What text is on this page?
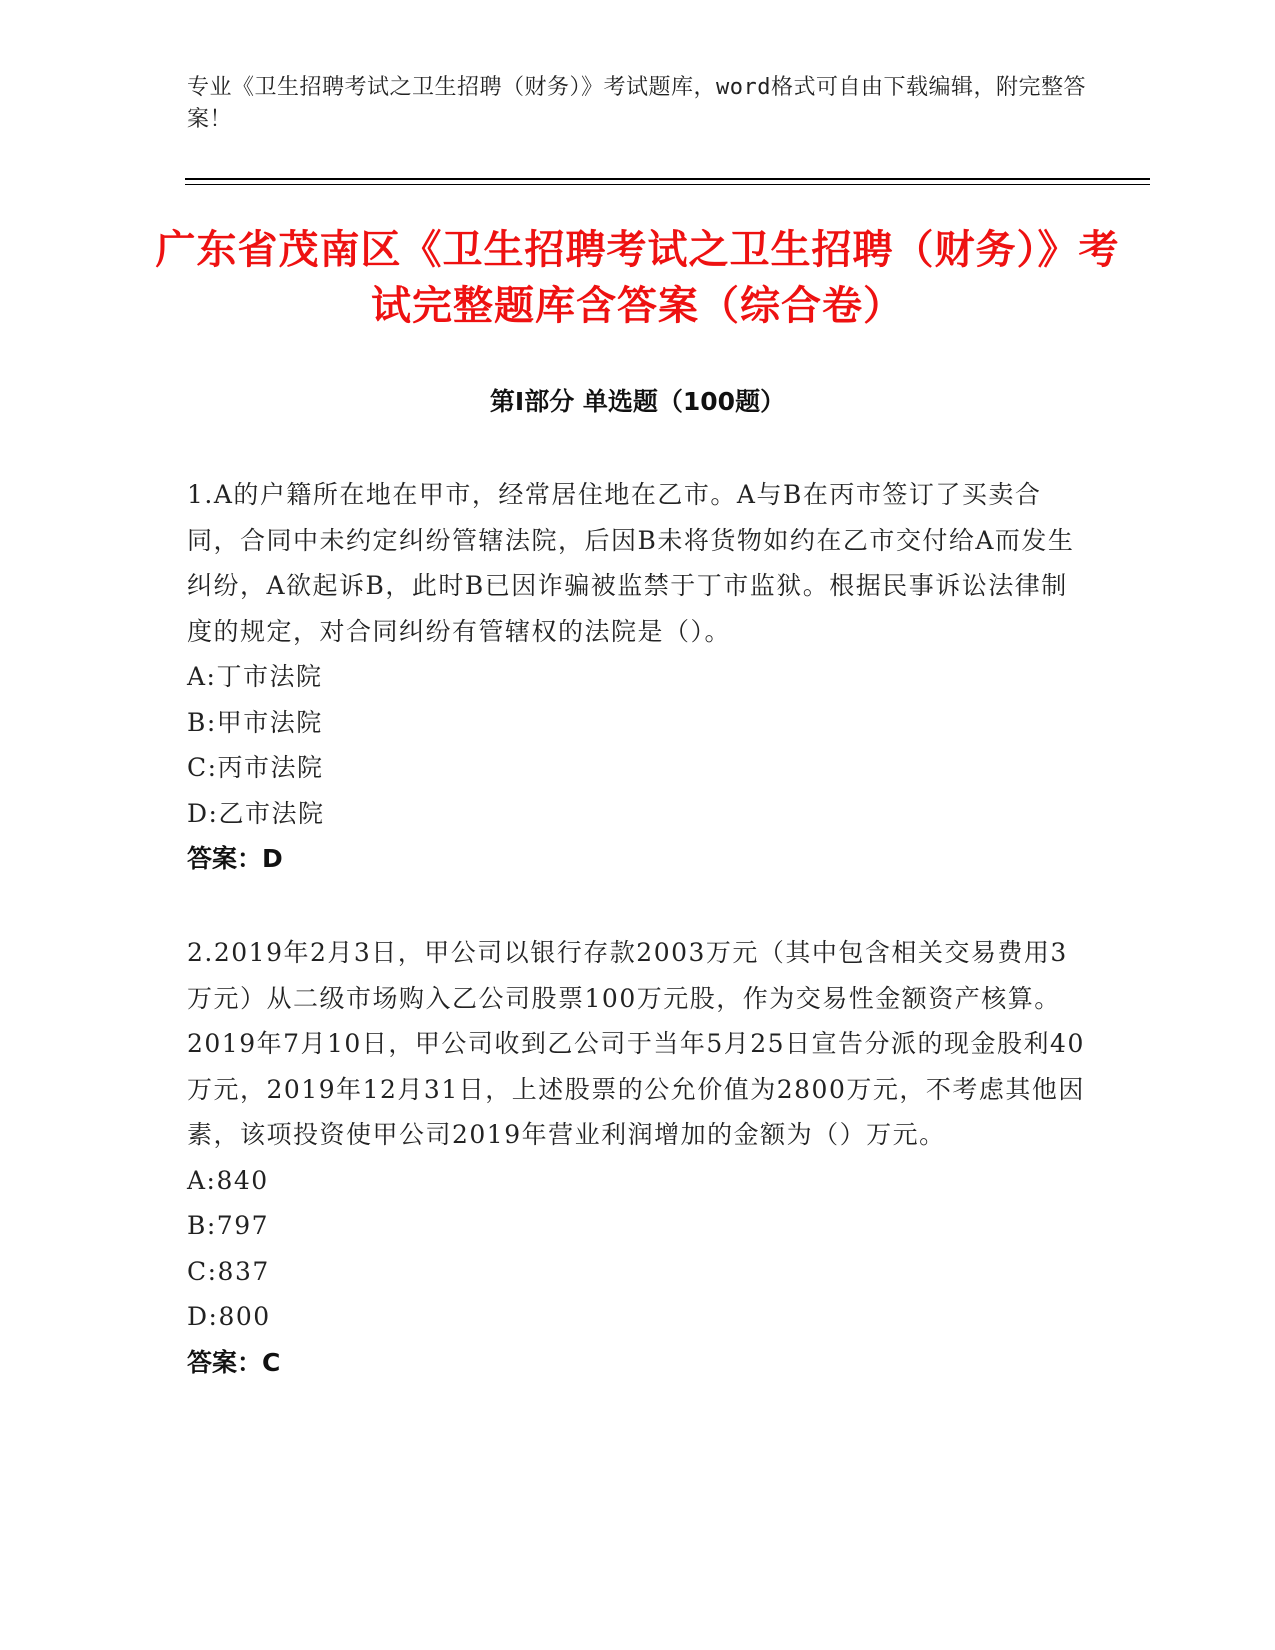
专业《卫生招聘考试之卫生招聘（财务）》考试题库，word格式可自由下载编辑，附完整答案！
广东省茂南区《卫生招聘考试之卫生招聘（财务）》考试完整题库含答案（综合卷）
第Ⅰ部分 单选题（100题）
1.A的户籍所在地在甲市，经常居住地在乙市。A与B在丙市签订了买卖合同，合同中未约定纠纷管辖法院，后因B未将货物如约在乙市交付给A而发生纠纷，A欲起诉B，此时B已因诈骗被监禁于丁市监狱。根据民事诉讼法律制度的规定，对合同纠纷有管辖权的法院是（）。
A:丁市法院
B:甲市法院
C:丙市法院
D:乙市法院
答案：D
2.2019年2月3日，甲公司以银行存款2003万元（其中包含相关交易费用3万元）从二级市场购入乙公司股票100万元股，作为交易性金额资产核算。2019年7月10日，甲公司收到乙公司于当年5月25日宣告分派的现金股利40万元，2019年12月31日，上述股票的公允价值为2800万元，不考虑其他因素，该项投资使甲公司2019年营业利润增加的金额为（）万元。
A:840
B:797
C:837
D:800
答案：C
